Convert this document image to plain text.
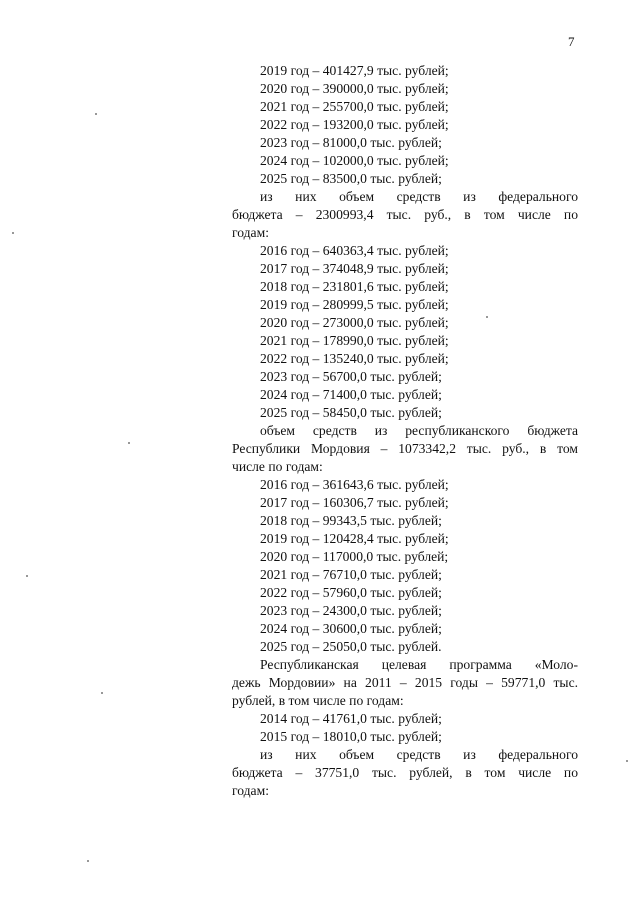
7
2019 год – 401427,9 тыс. рублей;
2020 год – 390000,0 тыс. рублей;
2021 год – 255700,0 тыс. рублей;
2022 год – 193200,0 тыс. рублей;
2023 год – 81000,0 тыс. рублей;
2024 год – 102000,0 тыс. рублей;
2025 год – 83500,0 тыс. рублей;
из них объем средств из федерального
бюджета – 2300993,4 тыс. руб., в том числе по
годам:
2016 год – 640363,4 тыс. рублей;
2017 год – 374048,9 тыс. рублей;
2018 год – 231801,6 тыс. рублей;
2019 год – 280999,5 тыс. рублей;
2020 год – 273000,0 тыс. рублей;
2021 год – 178990,0 тыс. рублей;
2022 год – 135240,0 тыс. рублей;
2023 год – 56700,0 тыс. рублей;
2024 год – 71400,0 тыс. рублей;
2025 год – 58450,0 тыс. рублей;
объем средств из республиканского бюджета
Республики Мордовия – 1073342,2 тыс. руб., в том
числе по годам:
2016 год – 361643,6 тыс. рублей;
2017 год – 160306,7 тыс. рублей;
2018 год – 99343,5 тыс. рублей;
2019 год – 120428,4 тыс. рублей;
2020 год – 117000,0 тыс. рублей;
2021 год – 76710,0 тыс. рублей;
2022 год – 57960,0 тыс. рублей;
2023 год – 24300,0 тыс. рублей;
2024 год – 30600,0 тыс. рублей;
2025 год – 25050,0 тыс. рублей.
Республиканская целевая программа «Моло-
дежь Мордовии» на 2011 – 2015 годы – 59771,0 тыс.
рублей, в том числе по годам:
2014 год – 41761,0 тыс. рублей;
2015 год – 18010,0 тыс. рублей;
из них объем средств из федерального
бюджета – 37751,0 тыс. рублей, в том числе по
годам:
